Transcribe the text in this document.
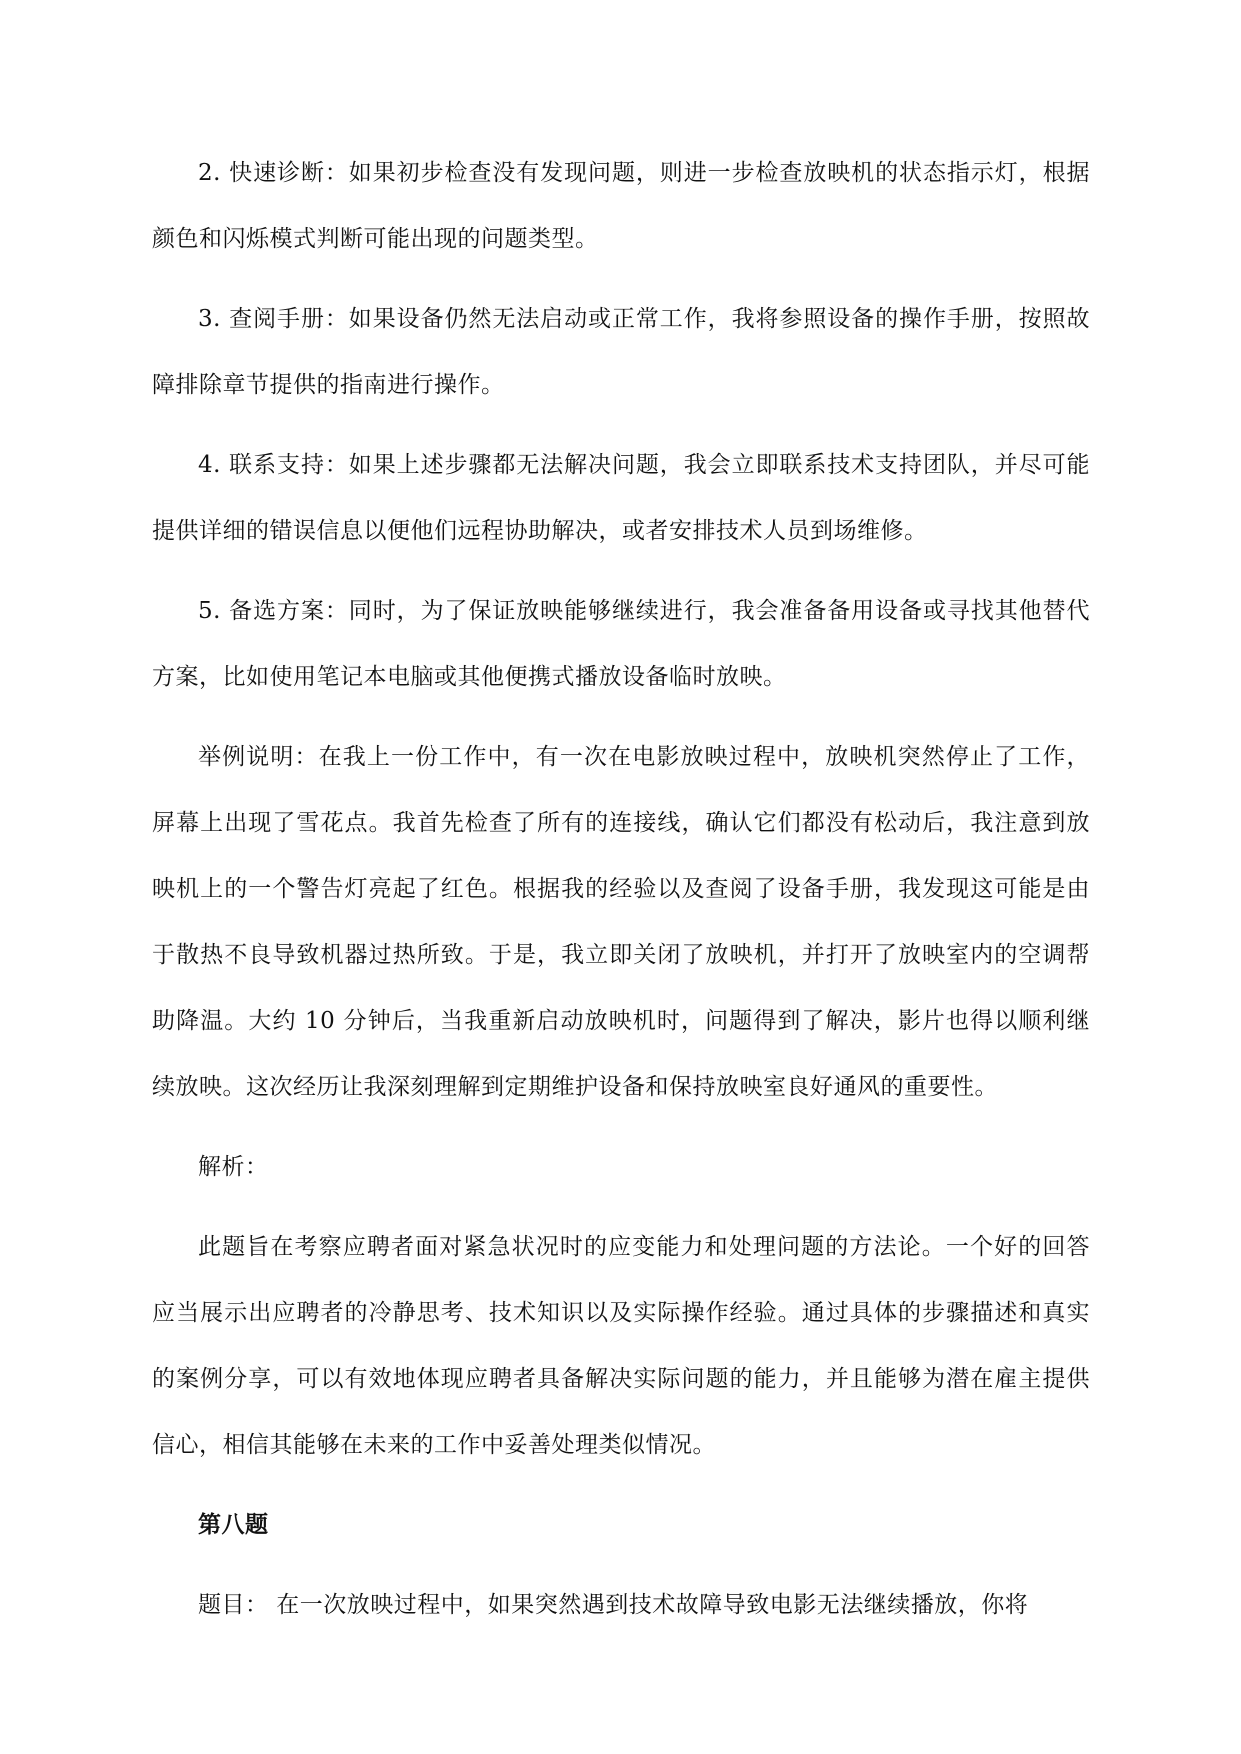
2. 快速诊断：如果初步检查没有发现问题，则进一步检查放映机的状态指示灯，根据颜色和闪烁模式判断可能出现的问题类型。

3. 查阅手册：如果设备仍然无法启动或正常工作，我将参照设备的操作手册，按照故障排除章节提供的指南进行操作。

4. 联系支持：如果上述步骤都无法解决问题，我会立即联系技术支持团队，并尽可能提供详细的错误信息以便他们远程协助解决，或者安排技术人员到场维修。

5. 备选方案：同时，为了保证放映能够继续进行，我会准备备用设备或寻找其他替代方案，比如使用笔记本电脑或其他便携式播放设备临时放映。

举例说明：在我上一份工作中，有一次在电影放映过程中，放映机突然停止了工作，屏幕上出现了雪花点。我首先检查了所有的连接线，确认它们都没有松动后，我注意到放映机上的一个警告灯亮起了红色。根据我的经验以及查阅了设备手册，我发现这可能是由于散热不良导致机器过热所致。于是，我立即关闭了放映机，并打开了放映室内的空调帮助降温。大约 10 分钟后，当我重新启动放映机时，问题得到了解决，影片也得以顺利继续放映。这次经历让我深刻理解到定期维护设备和保持放映室良好通风的重要性。

解析：

此题旨在考察应聘者面对紧急状况时的应变能力和处理问题的方法论。一个好的回答应当展示出应聘者的冷静思考、技术知识以及实际操作经验。通过具体的步骤描述和真实的案例分享，可以有效地体现应聘者具备解决实际问题的能力，并且能够为潜在雇主提供信心，相信其能够在未来的工作中妥善处理类似情况。

第八题

题目： 在一次放映过程中，如果突然遇到技术故障导致电影无法继续播放，你将
